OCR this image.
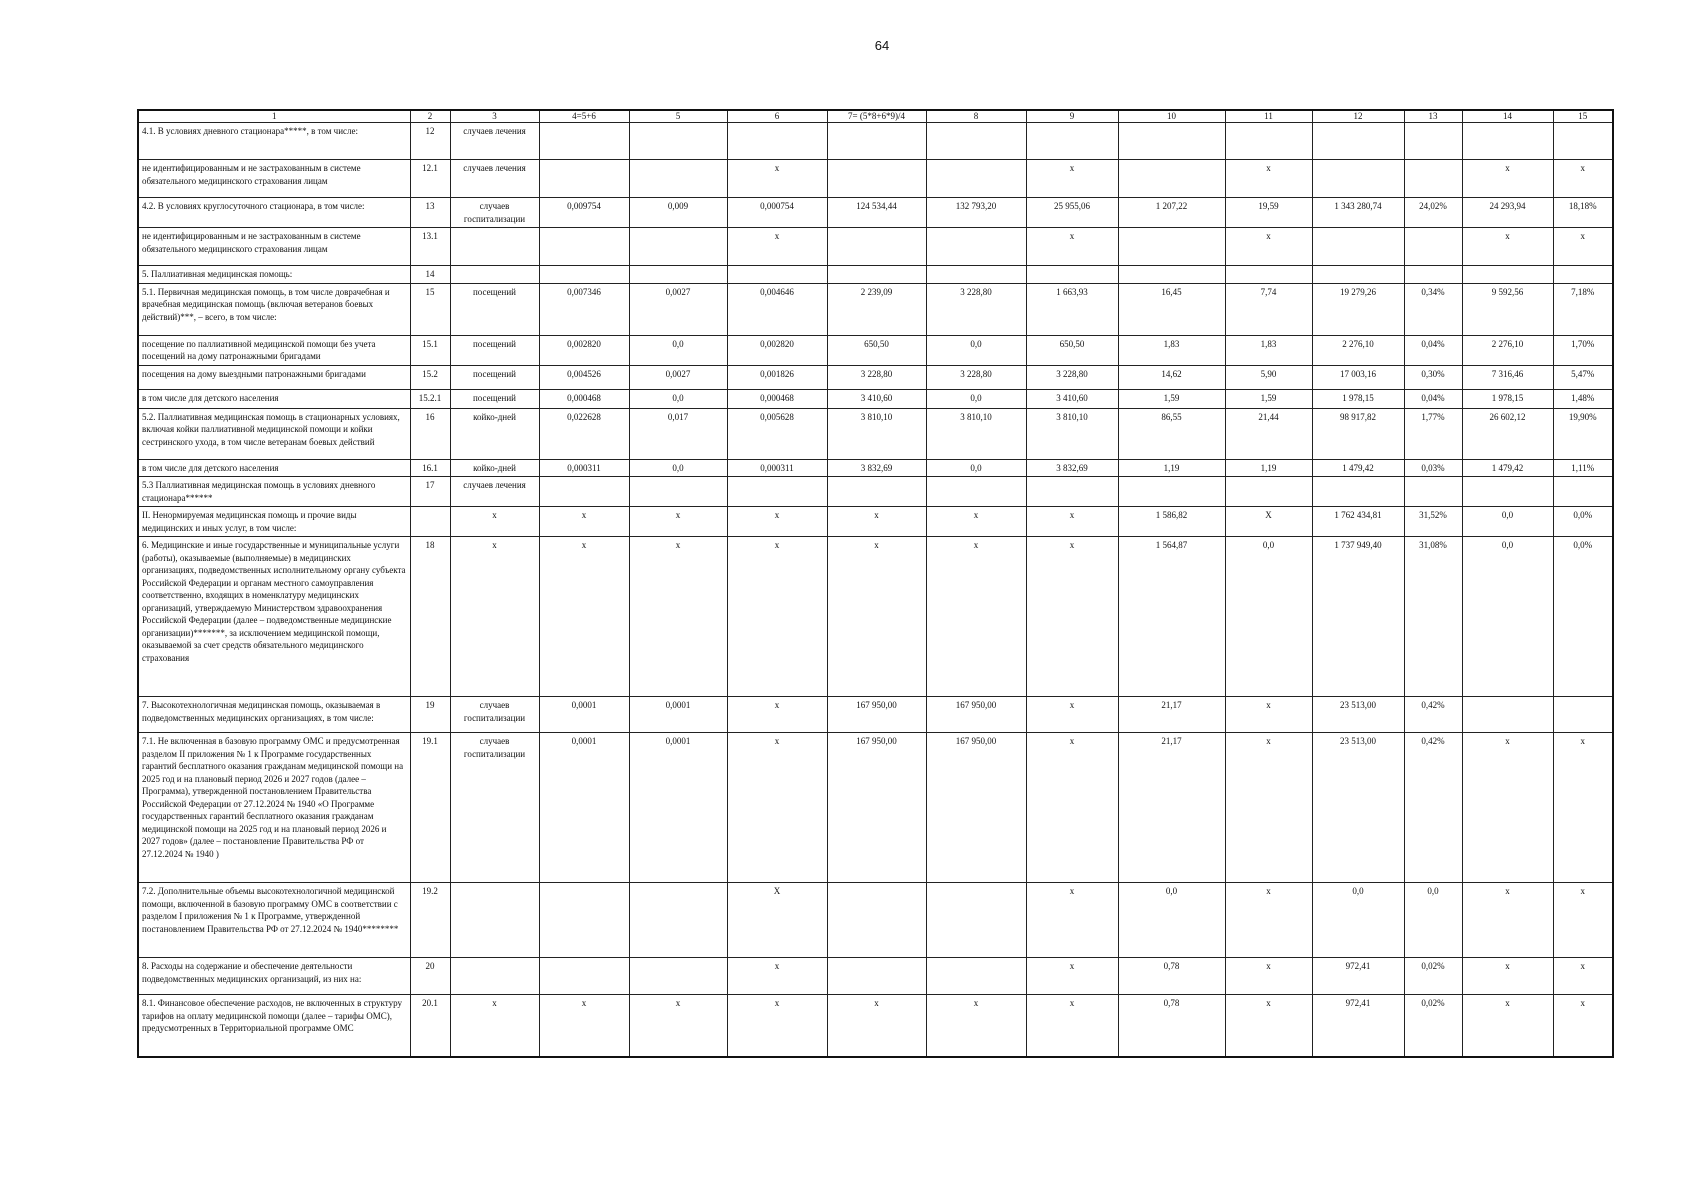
64
1	2	3	4=5+6	5	6	7= (5*8+6*9)/4	8	9	10	11	12	13	14	15
4.1. В условиях дневного стационара*****, в том числе:	12	случаев лечения												
не идентифицированным и не застрахованным в системе обязательного медицинского страхования лицам	12.1	случаев лечения			x			x		x			x	x
4.2. В условиях круглосуточного стационара, в том числе:	13	случаев госпитализации	0,009754	0,009	0,000754	124 534,44	132 793,20	25 955,06	1 207,22	19,59	1 343 280,74	24,02%	24 293,94	18,18%
не идентифицированным и не застрахованным в системе обязательного медицинского страхования лицам	13.1				x			x		x			x	x
5. Паллиативная медицинская помощь:	14													
5.1. Первичная медицинская помощь, в том числе доврачебная и врачебная медицинская помощь (включая ветеранов боевых действий)***, – всего, в том числе:	15	посещений	0,007346	0,0027	0,004646	2 239,09	3 228,80	1 663,93	16,45	7,74	19 279,26	0,34%	9 592,56	7,18%
посещение по паллиативной медицинской помощи без учета посещений на дому патронажными бригадами	15.1	посещений	0,002820	0,0	0,002820	650,50	0,0	650,50	1,83	1,83	2 276,10	0,04%	2 276,10	1,70%
посещения на дому выездными патронажными бригадами	15.2	посещений	0,004526	0,0027	0,001826	3 228,80	3 228,80	3 228,80	14,62	5,90	17 003,16	0,30%	7 316,46	5,47%
в том числе для детского населения	15.2.1	посещений	0,000468	0,0	0,000468	3 410,60	0,0	3 410,60	1,59	1,59	1 978,15	0,04%	1 978,15	1,48%
5.2. Паллиативная медицинская помощь в стационарных условиях, включая койки паллиативной медицинской помощи и койки сестринского ухода, в том числе ветеранам боевых действий	16	койко-дней	0,022628	0,017	0,005628	3 810,10	3 810,10	3 810,10	86,55	21,44	98 917,82	1,77%	26 602,12	19,90%
в том числе для детского населения	16.1	койко-дней	0,000311	0,0	0,000311	3 832,69	0,0	3 832,69	1,19	1,19	1 479,42	0,03%	1 479,42	1,11%
5.3 Паллиативная медицинская помощь в условиях дневного стационара******	17	случаев лечения												
II. Ненормируемая медицинская помощь и прочие виды медицинских и иных услуг, в том числе:		x	x	x	x	x	x	x	1 586,82	X	1 762 434,81	31,52%	0,0	0,0%
6. Медицинские и иные государственные и муниципальные услуги (работы), оказываемые (выполняемые) в медицинских организациях, подведомственных исполнительному органу субъекта Российской Федерации и органам местного самоуправления соответственно, входящих в номенклатуру медицинских организаций, утверждаемую Министерством здравоохранения Российской Федерации (далее – подведомственные медицинские организации)*******, за исключением медицинской помощи, оказываемой за счет средств обязательного медицинского страхования	18	x	x	x	x	x	x	x	1 564,87	0,0	1 737 949,40	31,08%	0,0	0,0%
7. Высокотехнологичная медицинская помощь, оказываемая в подведомственных медицинских организациях, в том числе:	19	случаев госпитализации	0,0001	0,0001	x	167 950,00	167 950,00	x	21,17	x	23 513,00	0,42%		
7.1. Не включенная в базовую программу ОМС и предусмотренная разделом II приложения № 1 к Программе государственных гарантий бесплатного оказания гражданам медицинской помощи на 2025 год и на плановый период 2026 и 2027 годов (далее – Программа), утвержденной постановлением Правительства Российской Федерации от 27.12.2024 № 1940 «О Программе государственных гарантий бесплатного оказания гражданам медицинской помощи на 2025 год и на плановый период 2026 и 2027 годов» (далее – постановление Правительства РФ от 27.12.2024 № 1940 )	19.1	случаев госпитализации	0,0001	0,0001	x	167 950,00	167 950,00	x	21,17	x	23 513,00	0,42%	x	x
7.2. Дополнительные объемы высокотехнологичной медицинской помощи, включенной в базовую программу ОМС в соответствии с разделом I приложения № 1 к Программе, утвержденной постановлением Правительства РФ от 27.12.2024 № 1940********	19.2				X			x	0,0	x	0,0	0,0	x	x
8. Расходы на содержание и обеспечение деятельности подведомственных медицинских организаций, из них на:	20				x			x	0,78	x	972,41	0,02%	x	x
8.1. Финансовое обеспечение расходов, не включенных в структуру тарифов на оплату медицинской помощи (далее – тарифы ОМС), предусмотренных в Территориальной программе ОМС	20.1	x	x	x	x	x	x	x	0,78	x	972,41	0,02%	x	x
